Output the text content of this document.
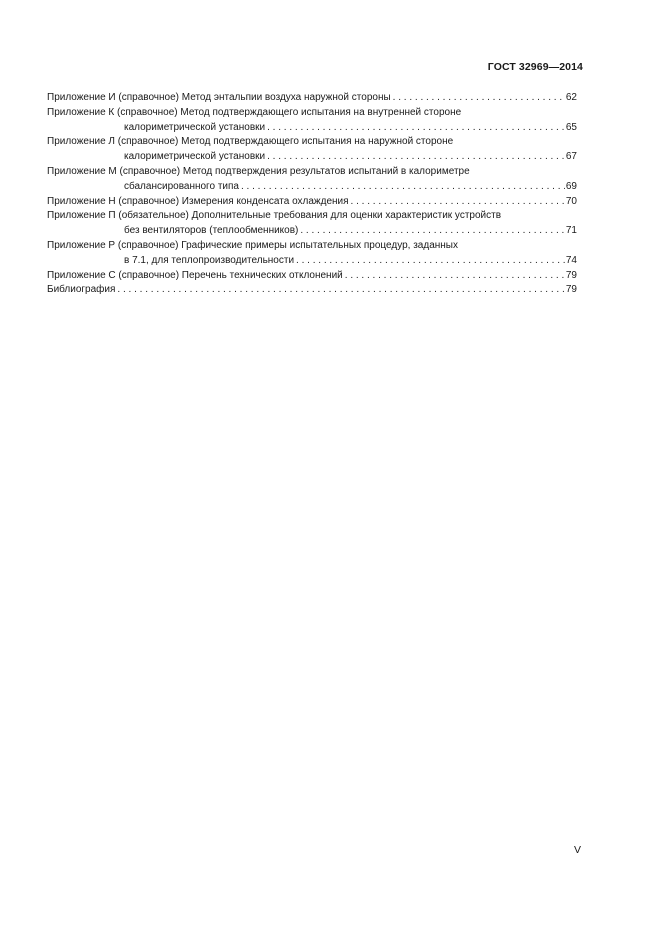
ГОСТ 32969—2014
Приложение И (справочное) Метод энтальпии воздуха наружной стороны . . .	62
Приложение К (справочное) Метод подтверждающего испытания на внутренней стороне
калориметрической установки . . .	65
Приложение Л (справочное) Метод подтверждающего испытания на наружной стороне
калориметрической установки . . .	67
Приложение М (справочное) Метод подтверждения результатов испытаний в калориметре
сбалансированного типа . . .	69
Приложение Н (справочное) Измерения конденсата охлаждения . . .	70
Приложение П (обязательное) Дополнительные требования для оценки характеристик устройств
без вентиляторов (теплообменников) . . .	71
Приложение Р (справочное) Графические примеры испытательных процедур, заданных
в 7.1, для теплопроизводительности . . .	74
Приложение С (справочное) Перечень технических отклонений . . .	79
Библиография . . .	79
V
